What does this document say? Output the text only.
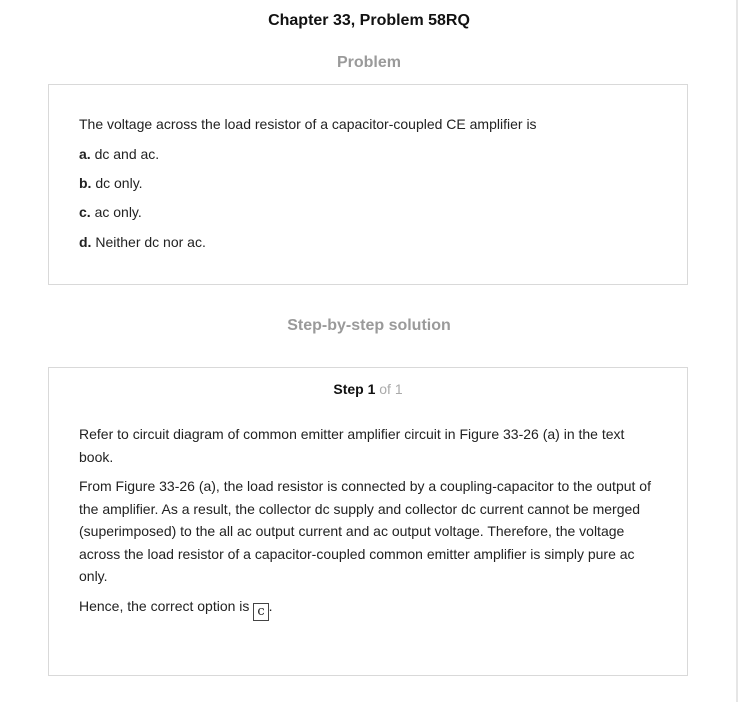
Chapter 33, Problem 58RQ
Problem

The voltage across the load resistor of a capacitor-coupled CE amplifier is

a. dc and ac.

b. dc only.

c. ac only.

d. Neither dc nor ac.

Step-by-step solution
Step 1 of 1

Refer to circuit diagram of common emitter amplifier circuit in Figure 33-26 (a) in the text book.

From Figure 33-26 (a), the load resistor is connected by a coupling-capacitor to the output of the amplifier. As a result, the collector dc supply and collector dc current cannot be merged (superimposed) to the all ac output current and ac output voltage. Therefore, the voltage across the load resistor of a capacitor-coupled common emitter amplifier is simply pure ac only.

Hence, the correct option is c .
